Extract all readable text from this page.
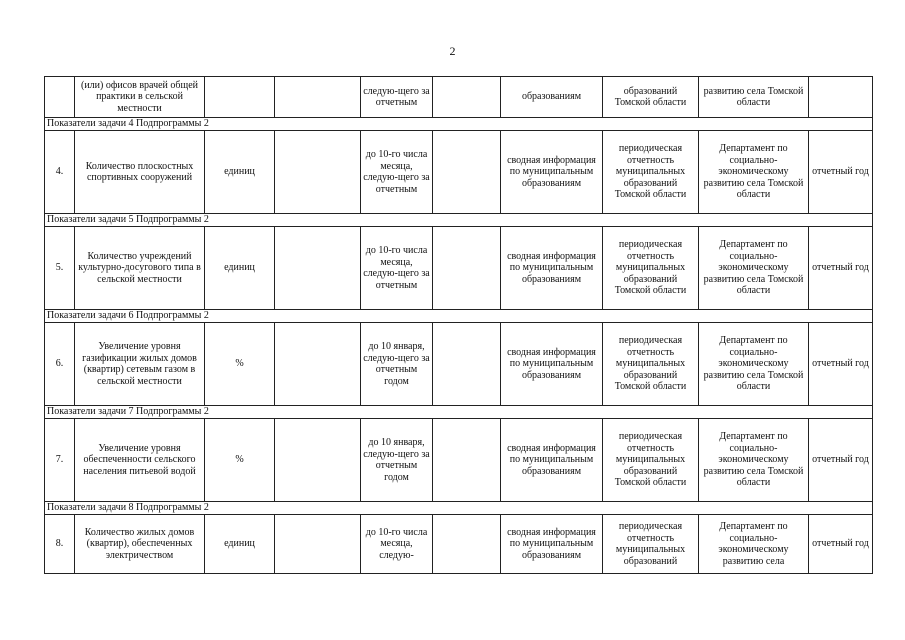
2
	(или) офисов врачей общей практики в сельской местности			следую-щего за отчетным		образованиям	образований Томской области	развитию села Томской области	
Показатели задачи 4 Подпрограммы 2									
4.	Количество плоскостных спортивных сооружений	единиц		до 10-го числа месяца, следую-щего за отчетным		сводная информация по муниципальным образованиям	периодическая отчетность муниципальных образований Томской области	Департамент по социально-экономическому развитию села Томской области	отчетный год
Показатели задачи 5 Подпрограммы 2									
5.	Количество учреждений культурно-досугового типа в сельской местности	единиц		до 10-го числа месяца, следую-щего за отчетным		сводная информация по муниципальным образованиям	периодическая отчетность муниципальных образований Томской области	Департамент по социально-экономическому развитию села Томской области	отчетный год
Показатели задачи 6 Подпрограммы 2									
6.	Увеличение уровня газификации жилых домов (квартир) сетевым газом в сельской местности	%		до 10 января, следую-щего за отчетным годом		сводная информация по муниципальным образованиям	периодическая отчетность муниципальных образований Томской области	Департамент по социально-экономическому развитию села Томской области	отчетный год
Показатели задачи 7 Подпрограммы 2									
7.	Увеличение уровня обеспеченности сельского населения питьевой водой	%		до 10 января, следую-щего за отчетным годом		сводная информация по муниципальным образованиям	периодическая отчетность муниципальных образований Томской области	Департамент по социально-экономическому развитию села Томской области	отчетный год
Показатели задачи 8 Подпрограммы 2									
8.	Количество жилых домов (квартир), обеспеченных электричеством	единиц		до 10-го числа месяца, следую-		сводная информация по муниципальным образованиям	периодическая отчетность муниципальных образований	Департамент по социально-экономическому развитию села	отчетный год
